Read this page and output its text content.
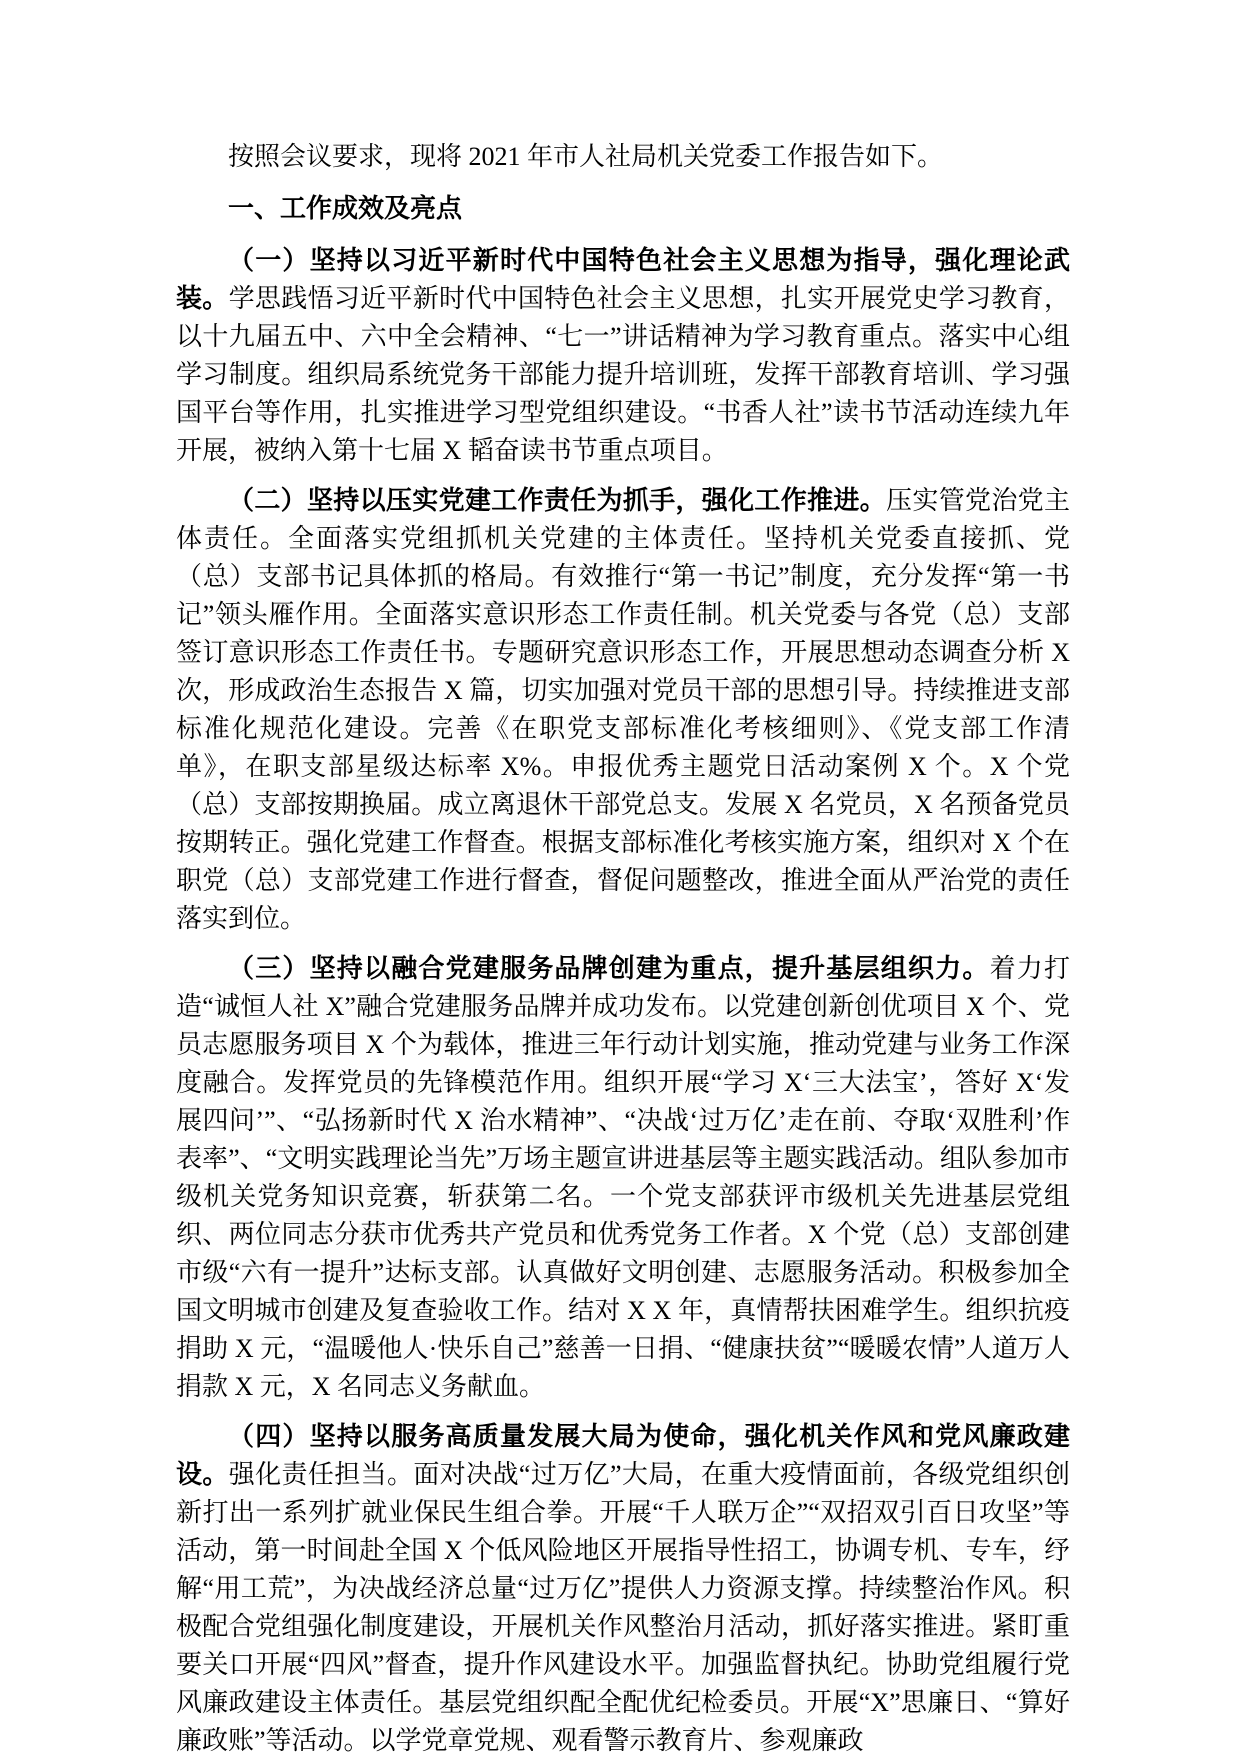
按照会议要求，现将 2021 年市人社局机关党委工作报告如下。

一、工作成效及亮点

（一）坚持以习近平新时代中国特色社会主义思想为指导，强化理论武装。学思践悟习近平新时代中国特色社会主义思想，扎实开展党史学习教育，以十九届五中、六中全会精神、“七一”讲话精神为学习教育重点。落实中心组学习制度。组织局系统党务干部能力提升培训班，发挥干部教育培训、学习强国平台等作用，扎实推进学习型党组织建设。“书香人社”读书节活动连续九年开展，被纳入第十七届 X 韬奋读书节重点项目。

（二）坚持以压实党建工作责任为抓手，强化工作推进。压实管党治党主体责任。全面落实党组抓机关党建的主体责任。坚持机关党委直接抓、党（总）支部书记具体抓的格局。有效推行“第一书记”制度，充分发挥“第一书记”领头雁作用。全面落实意识形态工作责任制。机关党委与各党（总）支部签订意识形态工作责任书。专题研究意识形态工作，开展思想动态调查分析 X 次，形成政治生态报告 X 篇，切实加强对党员干部的思想引导。持续推进支部标准化规范化建设。完善《在职党支部标准化考核细则》、《党支部工作清单》，在职支部星级达标率 X%。申报优秀主题党日活动案例 X 个。X 个党（总）支部按期换届。成立离退休干部党总支。发展 X 名党员，X 名预备党员按期转正。强化党建工作督查。根据支部标准化考核实施方案，组织对 X 个在职党（总）支部党建工作进行督查，督促问题整改，推进全面从严治党的责任落实到位。

（三）坚持以融合党建服务品牌创建为重点，提升基层组织力。着力打造“诚恒人社 X”融合党建服务品牌并成功发布。以党建创新创优项目 X 个、党员志愿服务项目 X 个为载体，推进三年行动计划实施，推动党建与业务工作深度融合。发挥党员的先锋模范作用。组织开展“学习 X‘三大法宝’，答好 X‘发展四问’”、“弘扬新时代 X 治水精神”、“决战‘过万亿’走在前、夺取‘双胜利’作表率”、“文明实践理论当先”万场主题宣讲进基层等主题实践活动。组队参加市级机关党务知识竞赛，斩获第二名。一个党支部获评市级机关先进基层党组织、两位同志分获市优秀共产党员和优秀党务工作者。X 个党（总）支部创建市级“六有一提升”达标支部。认真做好文明创建、志愿服务活动。积极参加全国文明城市创建及复查验收工作。结对 X X 年，真情帮扶困难学生。组织抗疫捐助 X 元，“温暖他人·快乐自己”慈善一日捐、“健康扶贫”“暖暖农情”人道万人捐款 X 元，X 名同志义务献血。

（四）坚持以服务高质量发展大局为使命，强化机关作风和党风廉政建设。强化责任担当。面对决战“过万亿”大局，在重大疫情面前，各级党组织创新打出一系列扩就业保民生组合拳。开展“千人联万企”“双招双引百日攻坚”等活动，第一时间赴全国 X 个低风险地区开展指导性招工，协调专机、专车，纾解“用工荒”，为决战经济总量“过万亿”提供人力资源支撑。持续整治作风。积极配合党组强化制度建设，开展机关作风整治月活动，抓好落实推进。紧盯重要关口开展“四风”督查，提升作风建设水平。加强监督执纪。协助党组履行党风廉政建设主体责任。基层党组织配全配优纪检委员。开展“X”思廉日、“算好廉政账”等活动。以学党章党规、观看警示教育片、参观廉政
